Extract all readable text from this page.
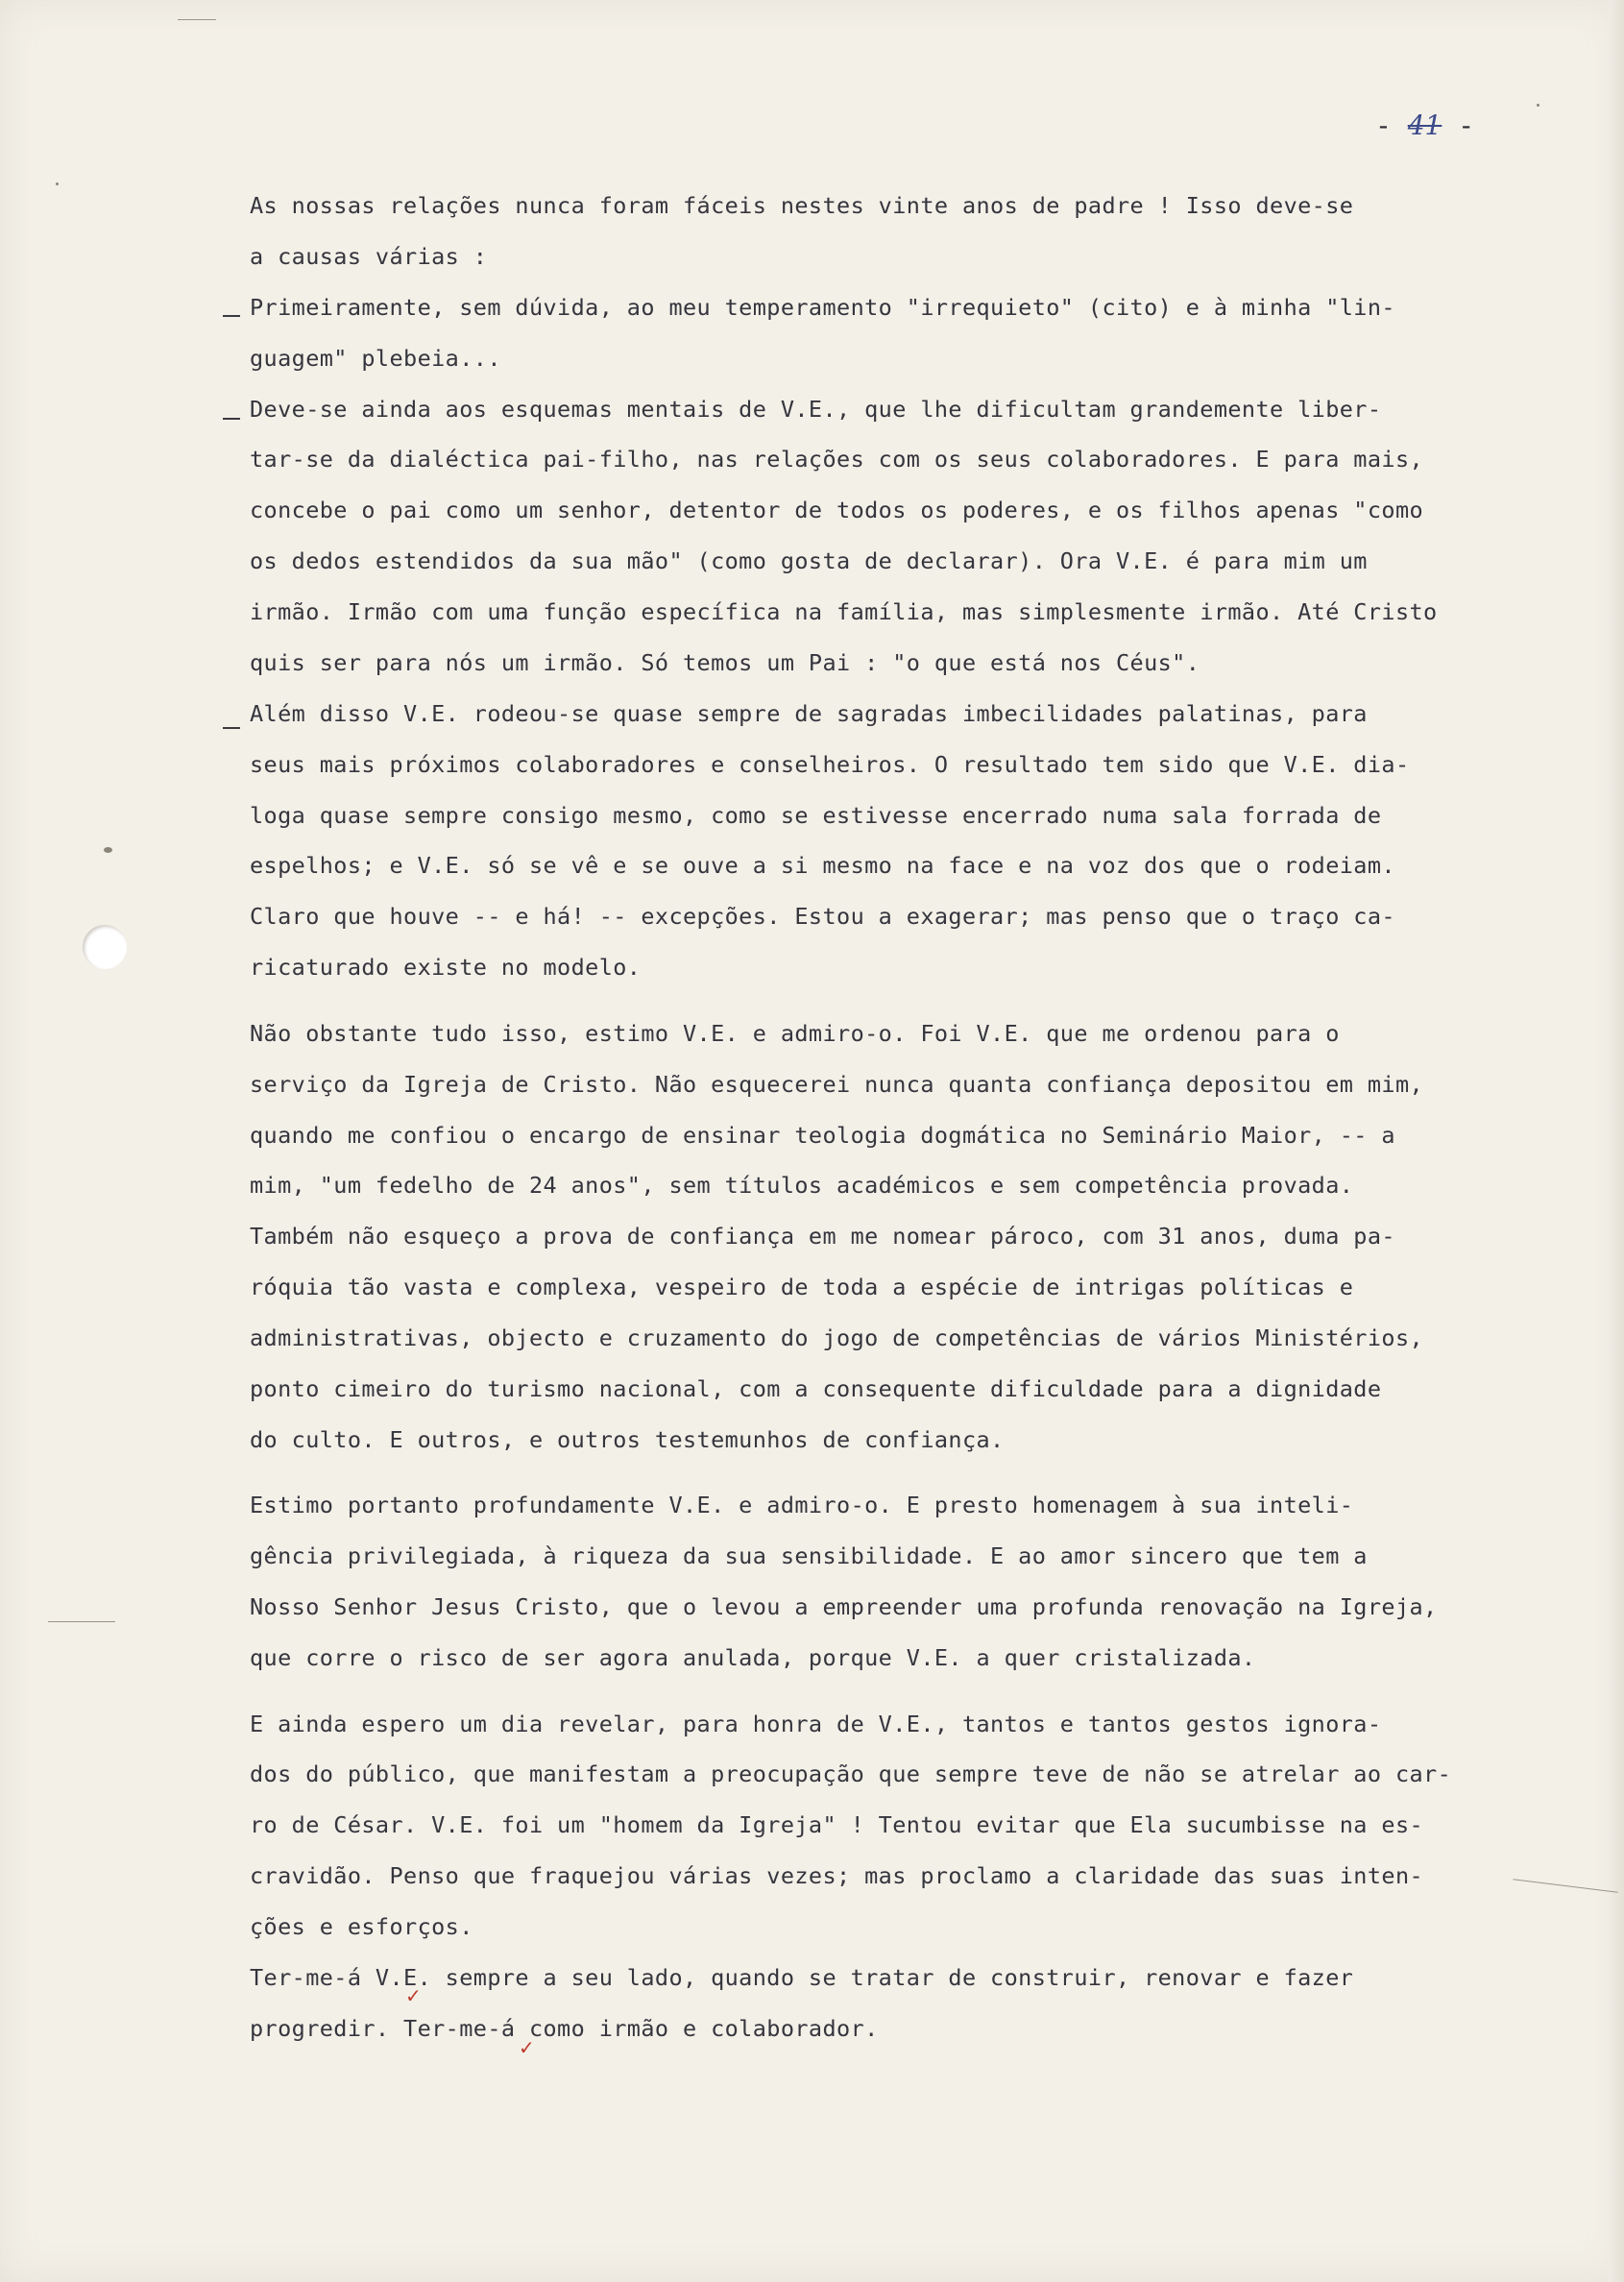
- 41 -
✓
✓
As nossas relações nunca foram fáceis nestes vinte anos de padre ! Isso deve-se
a causas várias :
Primeiramente, sem dúvida, ao meu temperamento "irrequieto" (cito) e à minha "lin-
guagem" plebeia...
Deve-se ainda aos esquemas mentais de V.E., que lhe dificultam grandemente liber-
tar-se da dialéctica pai-filho, nas relações com os seus colaboradores. E para mais,
concebe o pai como um senhor, detentor de todos os poderes, e os filhos apenas "como
os dedos estendidos da sua mão" (como gosta de declarar). Ora V.E. é para mim um
irmão. Irmão com uma função específica na família, mas simplesmente irmão. Até Cristo
quis ser para nós um irmão. Só temos um Pai : "o que está nos Céus".
Além disso V.E. rodeou-se quase sempre de sagradas imbecilidades palatinas, para
seus mais próximos colaboradores e conselheiros. O resultado tem sido que V.E. dia-
loga quase sempre consigo mesmo, como se estivesse encerrado numa sala forrada de
espelhos; e V.E. só se vê e se ouve a si mesmo na face e na voz dos que o rodeiam.
Claro que houve -- e há! -- excepções. Estou a exagerar; mas penso que o traço ca-
ricaturado existe no modelo.
Não obstante tudo isso, estimo V.E. e admiro-o. Foi V.E. que me ordenou para o
serviço da Igreja de Cristo. Não esquecerei nunca quanta confiança depositou em mim,
quando me confiou o encargo de ensinar teologia dogmática no Seminário Maior, -- a
mim, "um fedelho de 24 anos", sem títulos académicos e sem competência provada.
Também não esqueço a prova de confiança em me nomear pároco, com 31 anos, duma pa-
róquia tão vasta e complexa, vespeiro de toda a espécie de intrigas políticas e
administrativas, objecto e cruzamento do jogo de competências de vários Ministérios,
ponto cimeiro do turismo nacional, com a consequente dificuldade para a dignidade
do culto. E outros, e outros testemunhos de confiança.
Estimo portanto profundamente V.E. e admiro-o. E presto homenagem à sua inteli-
gência privilegiada, à riqueza da sua sensibilidade. E ao amor sincero que tem a
Nosso Senhor Jesus Cristo, que o levou a empreender uma profunda renovação na Igreja,
que corre o risco de ser agora anulada, porque V.E. a quer cristalizada.
E ainda espero um dia revelar, para honra de V.E., tantos e tantos gestos ignora-
dos do público, que manifestam a preocupação que sempre teve de não se atrelar ao car-
ro de César. V.E. foi um "homem da Igreja" ! Tentou evitar que Ela sucumbisse na es-
cravidão. Penso que fraquejou várias vezes; mas proclamo a claridade das suas inten-
ções e esforços.
Ter-me-á V.E. sempre a seu lado, quando se tratar de construir, renovar e fazer
progredir. Ter-me-á como irmão e colaborador.
